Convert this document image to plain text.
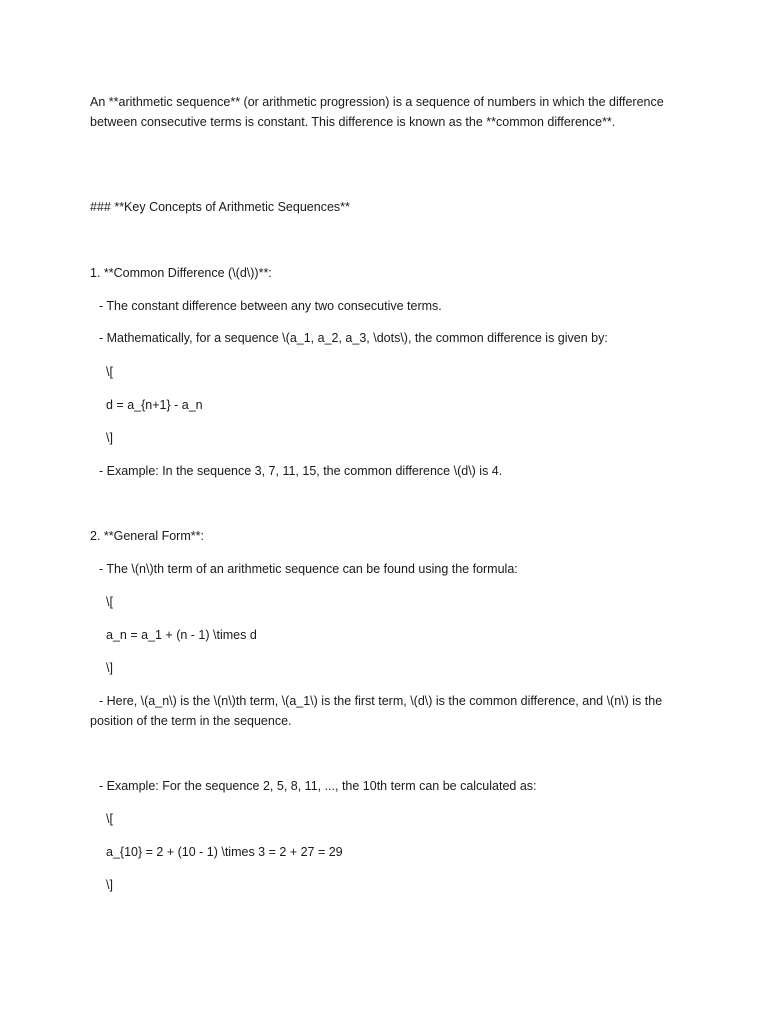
An **arithmetic sequence** (or arithmetic progression) is a sequence of numbers in which the difference between consecutive terms is constant. This difference is known as the **common difference**.
### **Key Concepts of Arithmetic Sequences**
1. **Common Difference (\(d\))**:
- The constant difference between any two consecutive terms.
- Mathematically, for a sequence \(a_1, a_2, a_3, \dots\), the common difference is given by:
\[
d = a_{n+1} - a_n
\]
- Example: In the sequence 3, 7, 11, 15, the common difference \(d\) is 4.
2. **General Form**:
- The \(n\)th term of an arithmetic sequence can be found using the formula:
\[
a_n = a_1 + (n - 1) \times d
\]
- Here, \(a_n\) is the \(n\)th term, \(a_1\) is the first term, \(d\) is the common difference, and \(n\) is the position of the term in the sequence.
- Example: For the sequence 2, 5, 8, 11, ..., the 10th term can be calculated as:
\[
a_{10} = 2 + (10 - 1) \times 3 = 2 + 27 = 29
\]
